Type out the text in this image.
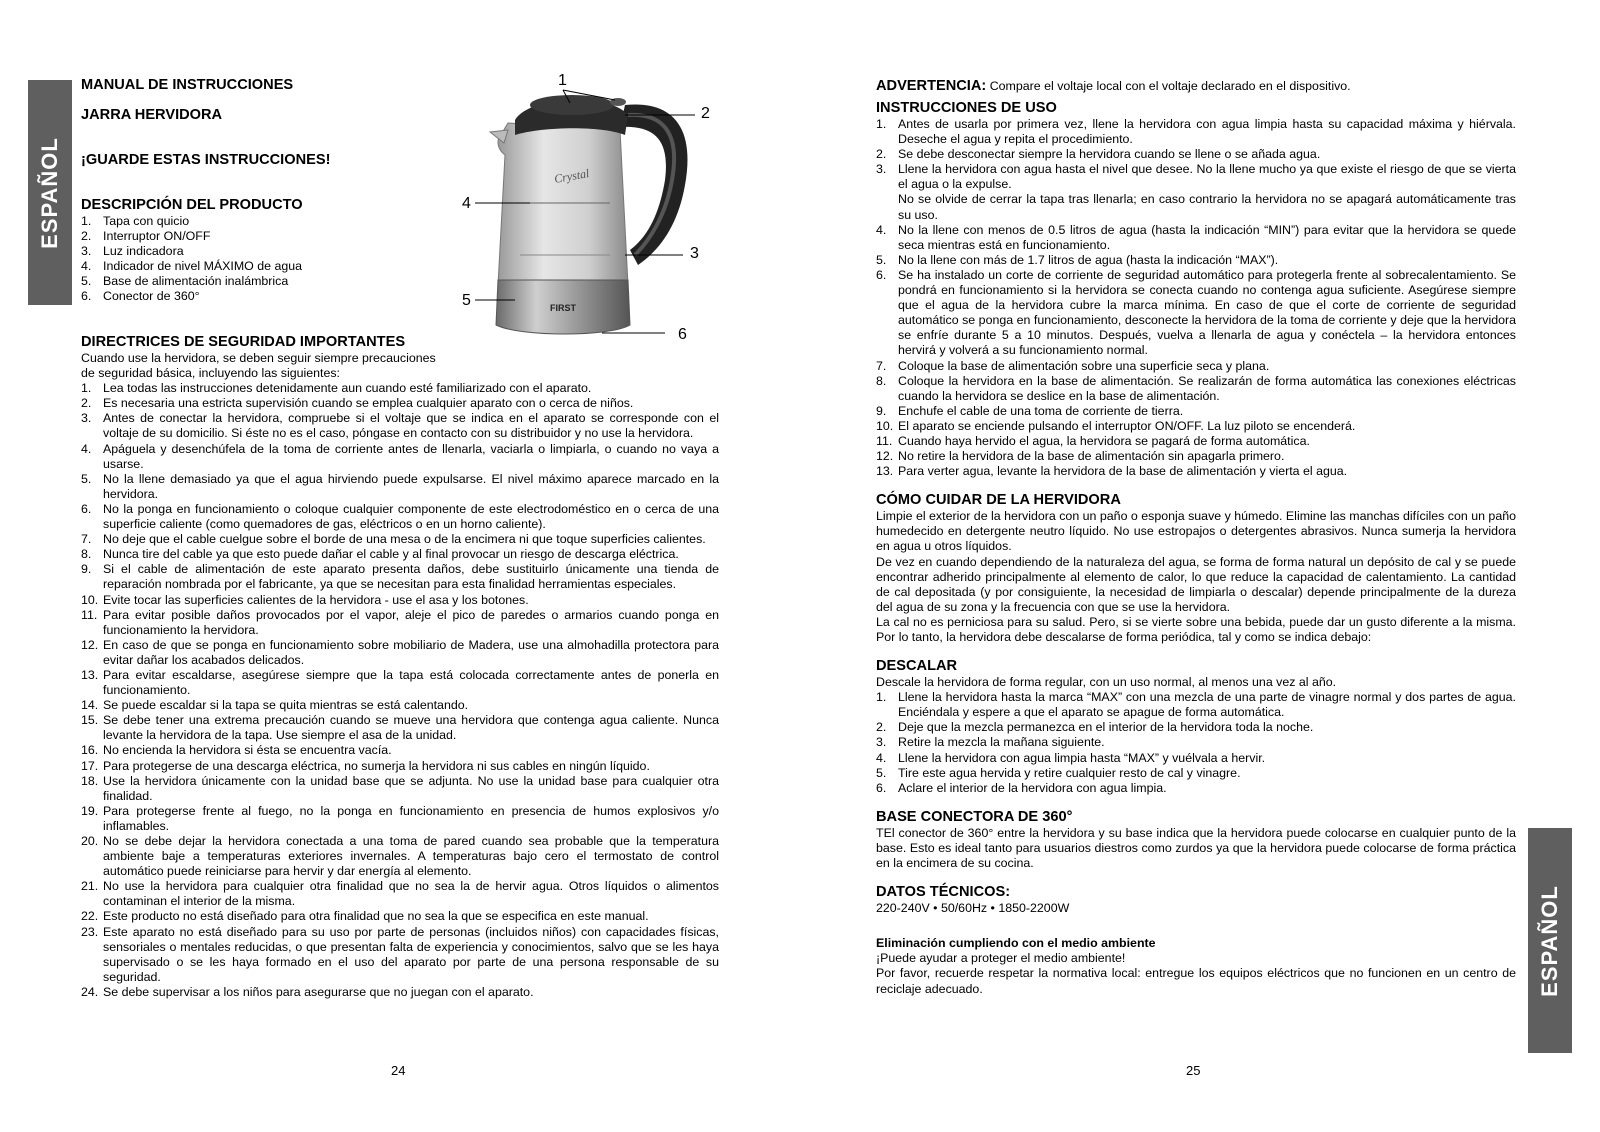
ESPAÑOL
ESPAÑOL

MANUAL DE INSTRUCCIONES

JARRA HERVIDORA

¡GUARDE ESTAS INSTRUCCIONES!

DESCRIPCIÓN DEL PRODUCTO

1. Tapa con quicio
2. Interruptor ON/OFF
3. Luz indicadora
4. Indicador de nivel MÁXIMO de agua
5. Base de alimentación inalámbrica
6. Conector de 360°
Crystal
FIRST
1
2
3
4
5
6

DIRECTRICES DE SEGURIDAD IMPORTANTES

Cuando use la hervidora, se deben seguir siempre precauciones

de seguridad básica, incluyendo las siguientes:

1. Lea todas las instrucciones detenidamente aun cuando esté familiarizado con el aparato.
2. Es necesaria una estricta supervisión cuando se emplea cualquier aparato con o cerca de niños.
3. Antes de conectar la hervidora, compruebe si el voltaje que se indica en el aparato se corresponde con el voltaje de su domicilio. Si éste no es el caso, póngase en contacto con su distribuidor y no use la hervidora.
4. Apáguela y desenchúfela de la toma de corriente antes de llenarla, vaciarla o limpiarla, o cuando no vaya a usarse.
5. No la llene demasiado ya que el agua hirviendo puede expulsarse. El nivel máximo aparece marcado en la hervidora.
6. No la ponga en funcionamiento o coloque cualquier componente de este electrodoméstico en o cerca de una superficie caliente (como quemadores de gas, eléctricos o en un horno caliente).
7. No deje que el cable cuelgue sobre el borde de una mesa o de la encimera ni que toque superficies calientes.
8. Nunca tire del cable ya que esto puede dañar el cable y al final provocar un riesgo de descarga eléctrica.
9. Si el cable de alimentación de este aparato presenta daños, debe sustituirlo únicamente una tienda de reparación nombrada por el fabricante, ya que se necesitan para esta finalidad herramientas especiales.
10. Evite tocar las superficies calientes de la hervidora - use el asa y los botones.
11. Para evitar posible daños provocados por el vapor, aleje el pico de paredes o armarios cuando ponga en funcionamiento la hervidora.
12. En caso de que se ponga en funcionamiento sobre mobiliario de Madera, use una almohadilla protectora para evitar dañar los acabados delicados.
13. Para evitar escaldarse, asegúrese siempre que la tapa está colocada correctamente antes de ponerla en funcionamiento.
14. Se puede escaldar si la tapa se quita mientras se está calentando.
15. Se debe tener una extrema precaución cuando se mueve una hervidora que contenga agua caliente. Nunca levante la hervidora de la tapa. Use siempre el asa de la unidad.
16. No encienda la hervidora si ésta se encuentra vacía.
17. Para protegerse de una descarga eléctrica, no sumerja la hervidora ni sus cables en ningún líquido.
18. Use la hervidora únicamente con la unidad base que se adjunta. No use la unidad base para cualquier otra finalidad.
19. Para protegerse frente al fuego, no la ponga en funcionamiento en presencia de humos explosivos y/o inflamables.
20. No se debe dejar la hervidora conectada a una toma de pared cuando sea probable que la temperatura ambiente baje a temperaturas exteriores invernales. A temperaturas bajo cero el termostato de control automático puede reiniciarse para hervir y dar energía al elemento.
21. No use la hervidora para cualquier otra finalidad que no sea la de hervir agua. Otros líquidos o alimentos contaminan el interior de la misma.
22. Este producto no está diseñado para otra finalidad que no sea la que se especifica en este manual.
23. Este aparato no está diseñado para su uso por parte de personas (incluidos niños) con capacidades físicas, sensoriales o mentales reducidas, o que presentan falta de experiencia y conocimientos, salvo que se les haya supervisado o se les haya formado en el uso del aparato por parte de una persona responsable de su seguridad.
24. Se debe supervisar a los niños para asegurarse que no juegan con el aparato.
24

ADVERTENCIA: Compare el voltaje local con el voltaje declarado en el dispositivo.

INSTRUCCIONES DE USO

1. Antes de usarla por primera vez, llene la hervidora con agua limpia hasta su capacidad máxima y hiérvala. Deseche el agua y repita el procedimiento.
2. Se debe desconectar siempre la hervidora cuando se llene o se añada agua.
3. Llene la hervidora con agua hasta el nivel que desee. No la llene mucho ya que existe el riesgo de que se vierta el agua o la expulse.
No se olvide de cerrar la tapa tras llenarla; en caso contrario la hervidora no se apagará automáticamente tras su uso.
4. No la llene con menos de 0.5 litros de agua (hasta la indicación “MIN”) para evitar que la hervidora se quede seca mientras está en funcionamiento.
5. No la llene con más de 1.7 litros de agua (hasta la indicación “MAX”).
6. Se ha instalado un corte de corriente de seguridad automático para protegerla frente al sobrecalentamiento. Se pondrá en funcionamiento si la hervidora se conecta cuando no contenga agua suficiente. Asegúrese siempre que el agua de la hervidora cubre la marca mínima. En caso de que el corte de corriente de seguridad automático se ponga en funcionamiento, desconecte la hervidora de la toma de corriente y deje que la hervidora se enfríe durante 5 a 10 minutos. Después, vuelva a llenarla de agua y conéctela – la hervidora entonces hervirá y volverá a su funcionamiento normal.
7. Coloque la base de alimentación sobre una superficie seca y plana.
8. Coloque la hervidora en la base de alimentación. Se realizarán de forma automática las conexiones eléctricas cuando la hervidora se deslice en la base de alimentación.
9. Enchufe el cable de una toma de corriente de tierra.
10. El aparato se enciende pulsando el interruptor ON/OFF. La luz piloto se encenderá.
11. Cuando haya hervido el agua, la hervidora se pagará de forma automática.
12. No retire la hervidora de la base de alimentación sin apagarla primero.
13. Para verter agua, levante la hervidora de la base de alimentación y vierta el agua.

CÓMO CUIDAR DE LA HERVIDORA

Limpie el exterior de la hervidora con un paño o esponja suave y húmedo. Elimine las manchas difíciles con un paño humedecido en detergente neutro líquido. No use estropajos o detergentes abrasivos. Nunca sumerja la hervidora en agua u otros líquidos.

De vez en cuando dependiendo de la naturaleza del agua, se forma de forma natural un depósito de cal y se puede encontrar adherido principalmente al elemento de calor, lo que reduce la capacidad de calentamiento. La cantidad de cal depositada (y por consiguiente, la necesidad de limpiarla o descalar) depende principalmente de la dureza del agua de su zona y la frecuencia con que se use la hervidora.

La cal no es perniciosa para su salud. Pero, si se vierte sobre una bebida, puede dar un gusto diferente a la misma. Por lo tanto, la hervidora debe descalarse de forma periódica, tal y como se indica debajo:

DESCALAR

Descale la hervidora de forma regular, con un uso normal, al menos una vez al año.

1. Llene la hervidora hasta la marca “MAX” con una mezcla de una parte de vinagre normal y dos partes de agua. Enciéndala y espere a que el aparato se apague de forma automática.
2. Deje que la mezcla permanezca en el interior de la hervidora toda la noche.
3. Retire la mezcla la mañana siguiente.
4. Llene la hervidora con agua limpia hasta “MAX” y vuélvala a hervir.
5. Tire este agua hervida y retire cualquier resto de cal y vinagre.
6. Aclare el interior de la hervidora con agua limpia.

BASE CONECTORA DE 360°

TEl conector de 360° entre la hervidora y su base indica que la hervidora puede colocarse en cualquier punto de la base. Esto es ideal tanto para usuarios diestros como zurdos ya que la hervidora puede colocarse de forma práctica en la encimera de su cocina.

DATOS TÉCNICOS:

220-240V • 50/60Hz • 1850-2200W

Eliminación cumpliendo con el medio ambiente

¡Puede ayudar a proteger el medio ambiente!

Por favor, recuerde respetar la normativa local: entregue los equipos eléctricos que no funcionen en un centro de reciclaje adecuado.

25
